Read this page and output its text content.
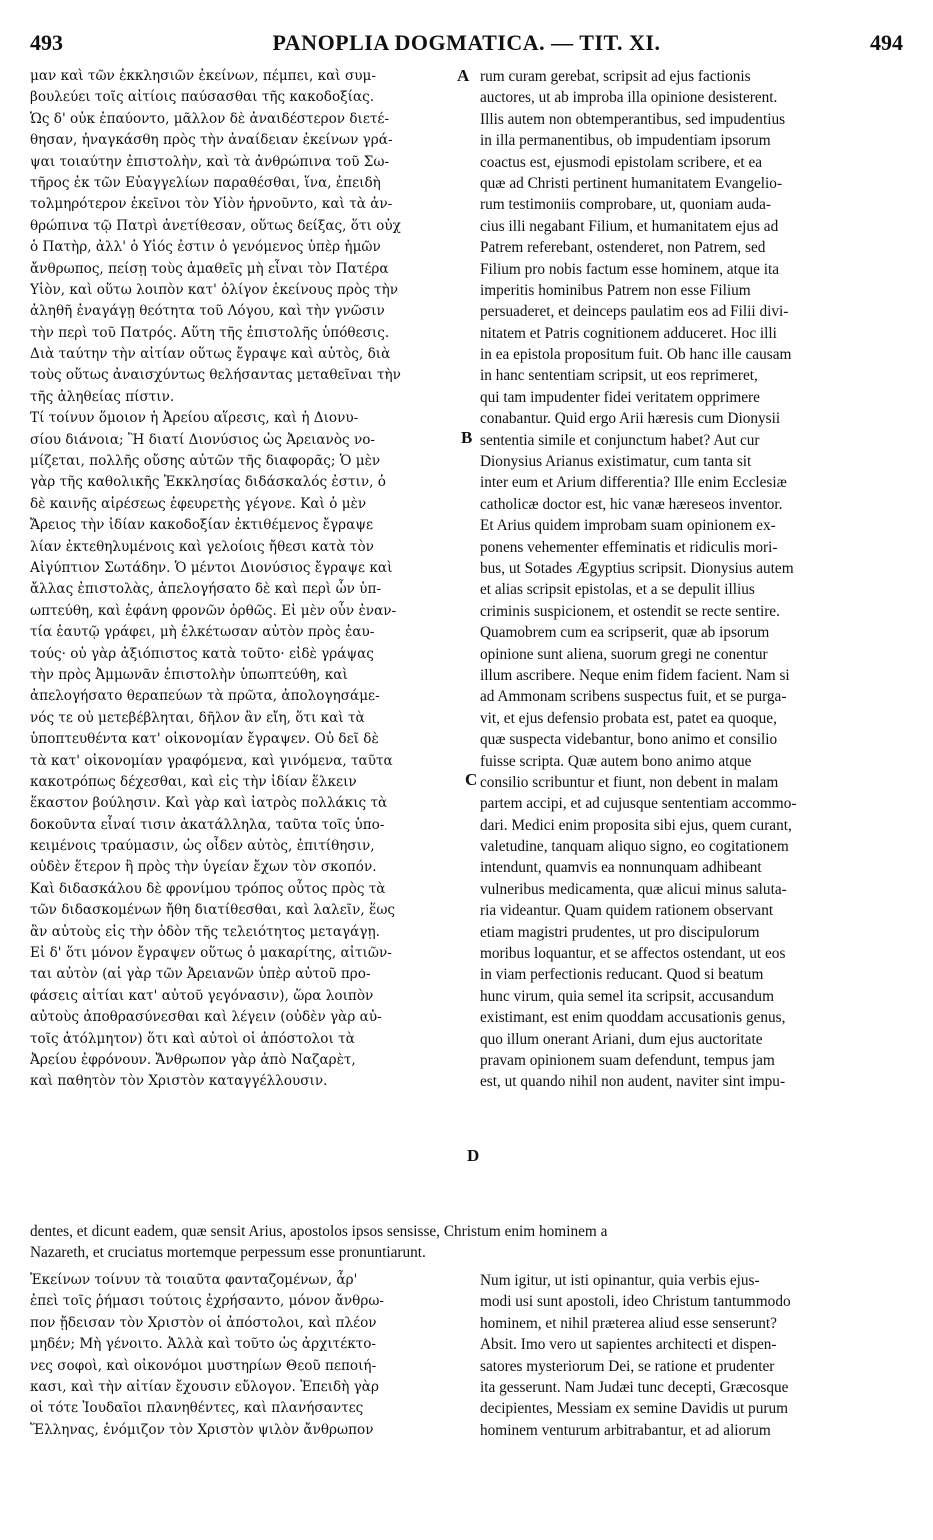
493	PANOPLIA DOGMATICA. — TIT. XI.	494
μαν καὶ τῶν ἐκκλησιῶν ἐκείνων, πέμπει, καὶ συμ-
βουλεύει τοῖς αἰτίοις παύσασθαι τῆς κακοδοξίας.
Ὡς δ' οὐκ ἐπαύοντο, μᾶλλον δὲ ἀναιδέστερον διετέ-
θησαν, ἠναγκάσθη πρὸς τὴν ἀναίδειαν ἐκείνων γρά-
ψαι τοιαύτην ἐπιστολὴν, καὶ τὰ ἀνθρώπινα τοῦ Σω-
τῆρος ἐκ τῶν Εὐαγγελίων παραθέσθαι, ἵνα, ἐπειδὴ
τολμηρότερον ἐκεῖνοι τὸν Υἱὸν ἠρνοῦντο, καὶ τὰ ἀν-
θρώπινα τῷ Πατρὶ ἀνετίθεσαν, οὕτως δείξας, ὅτι οὐχ
ὁ Πατὴρ, ἀλλ' ὁ Υἱός ἐστιν ὁ γενόμενος ὑπὲρ ἡμῶν
ἄνθρωπος, πείσῃ τοὺς ἀμαθεῖς μὴ εἶναι τὸν Πατέρα
Υἱὸν, καὶ οὕτω λοιπὸν κατ' ὀλίγον ἐκείνους πρὸς τὴν
ἀληθῆ ἐναγάγῃ θεότητα τοῦ Λόγου, καὶ τὴν γνῶσιν
τὴν περὶ τοῦ Πατρός. Αὕτη τῆς ἐπιστολῆς ὑπόθεσις.
Διὰ ταύτην τὴν αἰτίαν οὕτως ἔγραψε καὶ αὐτὸς, διὰ
τοὺς οὕτως ἀναισχύντως θελήσαντας μεταθεῖναι τὴν
τῆς ἀληθείας πίστιν.
Τί τοίνυν ὅμοιον ἡ Ἀρείου αἵρεσις, καὶ ἡ Διονυ-
σίου διάνοια; Ἢ διατί Διονύσιος ὡς Ἀρειανὸς νο-
μίζεται, πολλῆς οὔσης αὐτῶν τῆς διαφορᾶς; Ὁ μὲν
γὰρ τῆς καθολικῆς Ἐκκλησίας διδάσκαλός ἐστιν, ὁ
δὲ καινῆς αἱρέσεως ἐφευρετὴς γέγονε. Καὶ ὁ μὲν
Ἄρειος τὴν ἰδίαν κακοδοξίαν ἐκτιθέμενος ἔγραψε
λίαν ἐκτεθηλυμένοις καὶ γελοίοις ἤθεσι κατὰ τὸν
Αἰγύπτιον Σωτάδην. Ὁ μέντοι Διονύσιος ἔγραψε καὶ
ἄλλας ἐπιστολὰς, ἀπελογήσατο δὲ καὶ περὶ ὧν ὑπ-
ωπτεύθη, καὶ ἐφάνη φρονῶν ὀρθῶς. Εἰ μὲν οὖν ἐναν-
τία ἑαυτῷ γράφει, μὴ ἑλκέτωσαν αὐτὸν πρὸς ἑαυ-
τούς· οὐ γὰρ ἀξιόπιστος κατὰ τοῦτο· εἰδὲ γράψας
τὴν πρὸς Ἀμμωνᾶν ἐπιστολὴν ὑπωπτεύθη, καὶ
ἀπελογήσατο θεραπεύων τὰ πρῶτα, ἀπολογησάμε-
νός τε οὐ μετεβέβληται, δῆλον ἂν εἴη, ὅτι καὶ τὰ
ὑποπτευθέντα κατ' οἰκονομίαν ἔγραψεν. Οὐ δεῖ δὲ
τὰ κατ' οἰκονομίαν γραφόμενα, καὶ γινόμενα, ταῦτα
κακοτρόπως δέχεσθαι, καὶ εἰς τὴν ἰδίαν ἕλκειν
ἕκαστον βούλησιν. Καὶ γὰρ καὶ ἰατρὸς πολλάκις τὰ
δοκοῦντα εἶναί τισιν ἀκατάλληλα, ταῦτα τοῖς ὑπο-
κειμένοις τραύμασιν, ὡς οἶδεν αὐτὸς, ἐπιτίθησιν,
οὐδὲν ἕτερον ἢ πρὸς τὴν ὑγείαν ἔχων τὸν σκοπόν.
Καὶ διδασκάλου δὲ φρονίμου τρόπος οὗτος πρὸς τὰ
τῶν διδασκομένων ἤθη διατίθεσθαι, καὶ λαλεῖν, ἕως
ἂν αὐτοὺς εἰς τὴν ὁδὸν τῆς τελειότητος μεταγάγῃ.
Εἰ δ' ὅτι μόνον ἔγραψεν οὕτως ὁ μακαρίτης, αἰτιῶν-
ται αὐτὸν (αἱ γὰρ τῶν Ἀρειανῶν ὑπὲρ αὐτοῦ προ-
φάσεις αἰτίαι κατ' αὐτοῦ γεγόνασιν), ὥρα λοιπὸν
αὐτοὺς ἀποθρασύνεσθαι καὶ λέγειν (οὐδὲν γὰρ αὐ-
τοῖς ἀτόλμητον) ὅτι καὶ αὐτοὶ οἱ ἀπόστολοι τὰ
Ἀρείου ἐφρόνουν. Ἄνθρωπον γὰρ ἀπὸ Ναζαρὲτ,
καὶ παθητὸν τὸν Χριστὸν καταγγέλλουσιν.
rum curam gerebat, scripsit ad ejus factionis
auctores, ut ab improba illa opinione desisterent.
Illis autem non obtemperantibus, sed impudentius
in illa permanentibus, ob impudentiam ipsorum
coactus est, ejusmodi epistolam scribere, et ea
quæ ad Christi pertinent humanitatem Evangelio-
rum testimoniis comprobare, ut, quoniam auda-
cius illi negabant Filium, et humanitatem ejus ad
Patrem referebant, ostenderet, non Patrem, sed
Filium pro nobis factum esse hominem, atque ita
imperitis hominibus Patrem non esse Filium
persuaderet, et deinceps paulatim eos ad Filii divi-
nitatem et Patris cognitionem adduceret. Hoc illi
in ea epistola propositum fuit. Ob hanc ille causam
in hanc sententiam scripsit, ut eos reprimeret,
qui tam impudenter fidei veritatem opprimere
conabantur. Quid ergo Arii hæresis cum Dionysii
sententia simile et conjunctum habet? Aut cur
Dionysius Arianus existimatur, cum tanta sit
inter eum et Arium differentia? Ille enim Ecclesiæ
catholicæ doctor est, hic vanæ hæreseos inventor.
Et Arius quidem improbam suam opinionem ex-
ponens vehementer effeminatis et ridiculis mori-
bus, ut Sotades Ægyptius scripsit. Dionysius autem
et alias scripsit epistolas, et a se depulit illius
criminis suspicionem, et ostendit se recte sentire.
Quamobrem cum ea scripserit, quæ ab ipsorum
opinione sunt aliena, suorum gregi ne conentur
illum ascribere. Neque enim fidem facient. Nam si
ad Ammonam scribens suspectus fuit, et se purga-
vit, et ejus defensio probata est, patet ea quoque,
quæ suspecta videbantur, bono animo et consilio
fuisse scripta. Quæ autem bono animo atque
consilio scribuntur et fiunt, non debent in malam
partem accipi, et ad cujusque sententiam accommo-
dari. Medici enim proposita sibi ejus, quem curant,
valetudine, tanquam aliquo signo, eo cogitationem
intendunt, quamvis ea nonnunquam adhibeant
vulneribus medicamenta, quæ alicui minus saluta-
ria videantur. Quam quidem rationem observant
etiam magistri prudentes, ut pro discipulorum
moribus loquantur, et se affectos ostendant, ut eos
in viam perfectionis reducant. Quod si beatum
hunc virum, quia semel ita scripsit, accusandum
existimant, est enim quoddam accusationis genus,
quo illum onerant Ariani, dum ejus auctoritate
pravam opinionem suam defendunt, tempus jam
est, ut quando nihil non audent, naviter sint impu-
A
B
C
D
dentes, et dicunt eadem, quæ sensit Arius, apostolos ipsos sensisse, Christum enim hominem a
Nazareth, et cruciatus mortemque perpessum esse pronuntiarunt.
Ἐκείνων τοίνυν τὰ τοιαῦτα φανταζομένων, ἆρ'
ἐπεὶ τοῖς ῥήμασι τούτοις ἐχρήσαντο, μόνον ἄνθρω-
πον ᾔδεισαν τὸν Χριστὸν οἱ ἀπόστολοι, καὶ πλέον
μηδέν; Μὴ γένοιτο. Ἀλλὰ καὶ τοῦτο ὡς ἀρχιτέκτο-
νες σοφοὶ, καὶ οἰκονόμοι μυστηρίων Θεοῦ πεποιή-
κασι, καὶ τὴν αἰτίαν ἔχουσιν εὔλογον. Ἐπειδὴ γὰρ
οἱ τότε Ἰουδαῖοι πλανηθέντες, καὶ πλανήσαντες
Ἕλληνας, ἐνόμιζον τὸν Χριστὸν ψιλὸν ἄνθρωπον
Num igitur, ut isti opinantur, quia verbis ejus-
modi usi sunt apostoli, ideo Christum tantummodo
hominem, et nihil præterea aliud esse senserunt?
Absit. Imo vero ut sapientes architecti et dispen-
satores mysteriorum Dei, se ratione et prudenter
ita gesserunt. Nam Judæi tunc decepti, Græcosque
decipientes, Messiam ex semine Davidis ut purum
hominem venturum arbitrabantur, et ad aliorum
